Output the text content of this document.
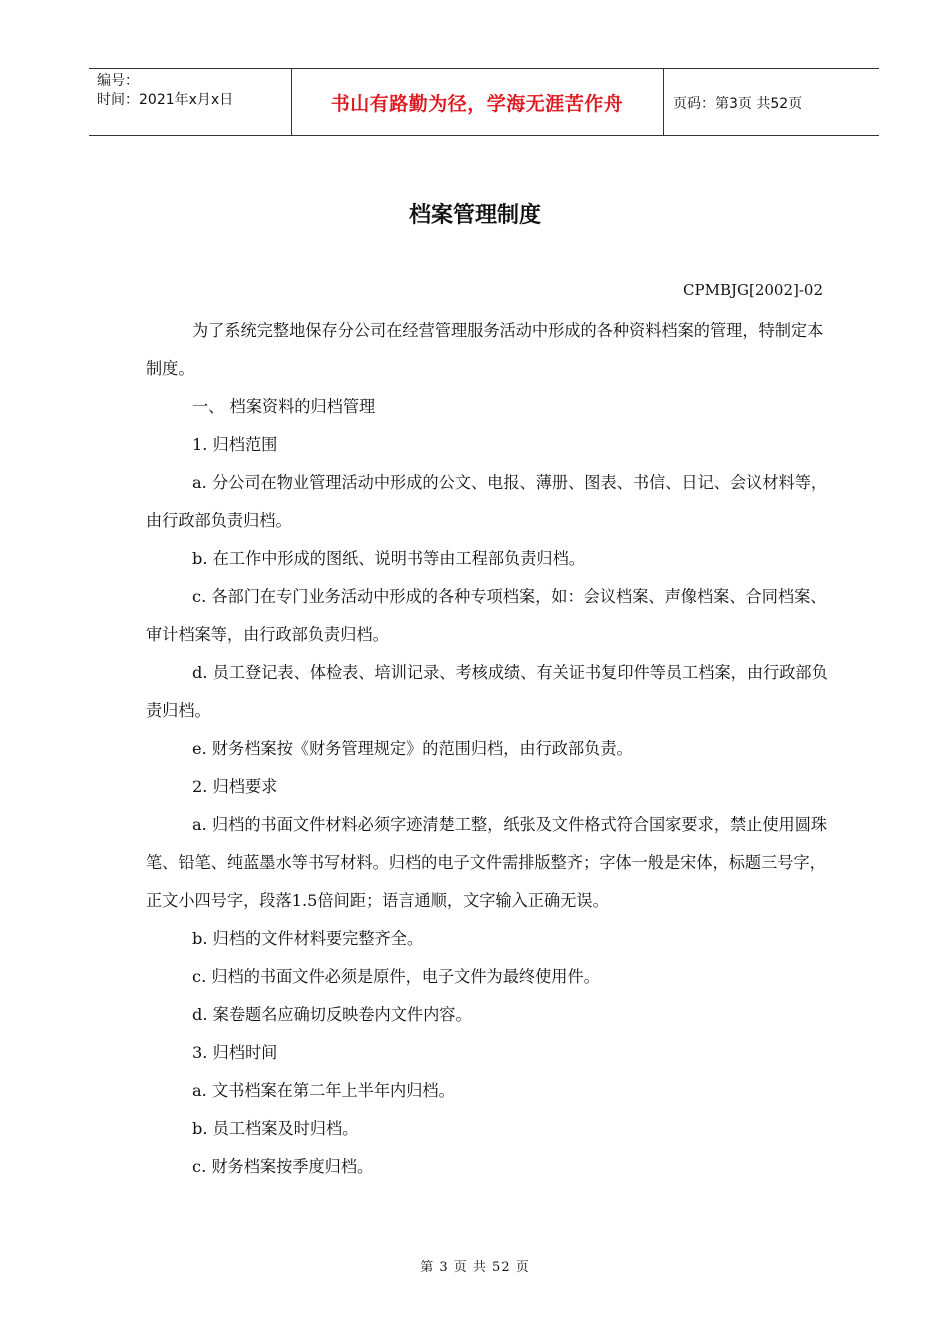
编号：
时间：2021年x月x日	书山有路勤为径，学海无涯苦作舟	页码：第3页 共52页
档案管理制度
CPMBJG[2002]-02

为了系统完整地保存分公司在经营管理服务活动中形成的各种资料档案的管理，特制定本制度。

一、 档案资料的归档管理

1. 归档范围

a. 分公司在物业管理活动中形成的公文、电报、薄册、图表、书信、日记、会议材料等，由行政部负责归档。

b. 在工作中形成的图纸、说明书等由工程部负责归档。

c. 各部门在专门业务活动中形成的各种专项档案，如：会议档案、声像档案、合同档案、审计档案等，由行政部负责归档。

d. 员工登记表、体检表、培训记录、考核成绩、有关证书复印件等员工档案，由行政部负责归档。

e. 财务档案按《财务管理规定》的范围归档，由行政部负责。

2. 归档要求

a. 归档的书面文件材料必须字迹清楚工整，纸张及文件格式符合国家要求，禁止使用圆珠笔、铅笔、纯蓝墨水等书写材料。归档的电子文件需排版整齐；字体一般是宋体，标题三号字，正文小四号字，段落1.5倍间距；语言通顺，文字输入正确无误。

b. 归档的文件材料要完整齐全。

c. 归档的书面文件必须是原件，电子文件为最终使用件。

d. 案卷题名应确切反映卷内文件内容。

3. 归档时间

a. 文书档案在第二年上半年内归档。

b. 员工档案及时归档。

c. 财务档案按季度归档。

第 3 页 共 52 页
